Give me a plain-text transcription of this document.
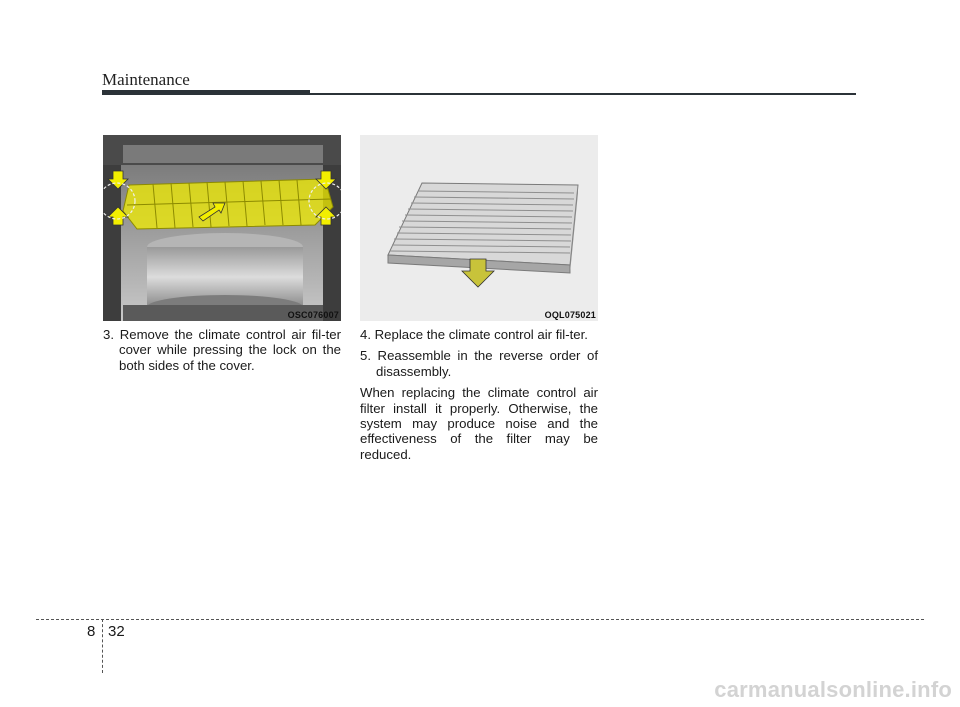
Maintenance
OSC076007	OQL075021

3. Remove the climate control air fil-ter cover while pressing the lock on the both sides of the cover.

4. Replace the climate control air fil-ter.

5. Reassemble in the reverse order of disassembly.

When replacing the climate control air filter install it properly. Otherwise, the system may produce noise and the effectiveness of the filter may be reduced.

8 32
carmanualsonline.info
